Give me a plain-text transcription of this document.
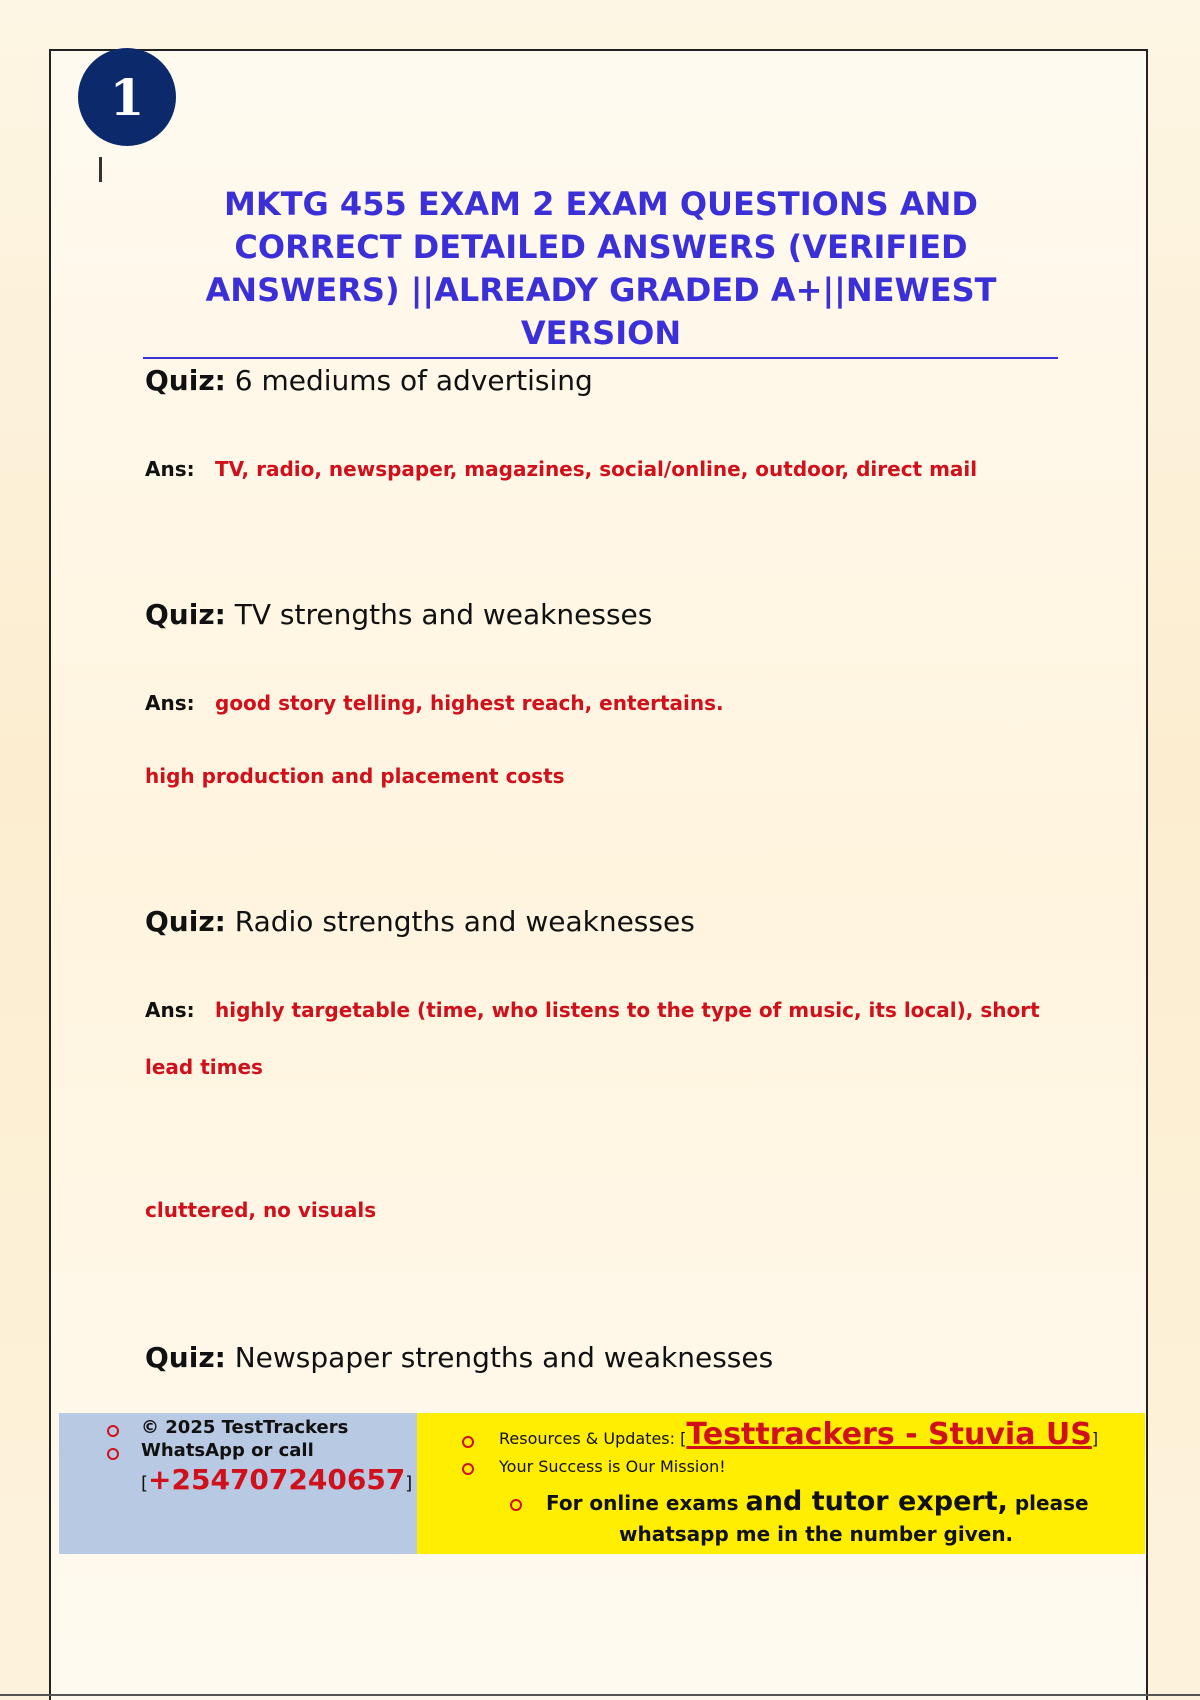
1
MKTG 455 EXAM 2 EXAM QUESTIONS AND CORRECT DETAILED ANSWERS (VERIFIED ANSWERS) ||ALREADY GRADED A+||NEWEST VERSION
Quiz: 6 mediums of advertising
Ans: TV, radio, newspaper, magazines, social/online, outdoor, direct mail
Quiz: TV strengths and weaknesses
Ans: good story telling, highest reach, entertains.
high production and placement costs
Quiz: Radio strengths and weaknesses
Ans: highly targetable (time, who listens to the type of music, its local), short
lead times
cluttered, no visuals
Quiz: Newspaper strengths and weaknesses
© 2025 TestTrackers
WhatsApp or call
[+254707240657]
Resources & Updates: [Testtrackers - Stuvia US]
Your Success is Our Mission!
For online exams and tutor expert, please
whatsapp me in the number given.
